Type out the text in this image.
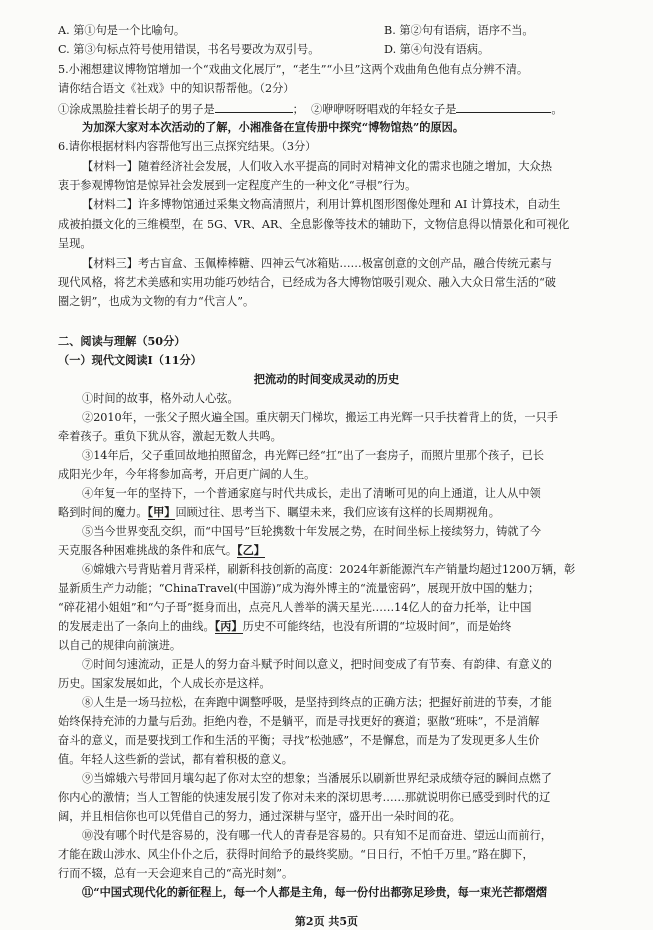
A. 第①句是一个比喻句。	B. 第②句有语病，语序不当。
C. 第③句标点符号使用错误，书名号要改为双引号。	D. 第④句没有语病。
5.小湘想建议博物馆增加一个“戏曲文化展厅”，“老生”“小旦”这两个戏曲角色他有点分辨不清。
请你结合语文《社戏》中的知识帮帮他。（2分）
①涂成黑脸挂着长胡子的男子是	； ②咿咿呀呀唱戏的年轻女子是	。
为加深大家对本次活动的了解，小湘准备在宣传册中探究“博物馆热”的原因。
6.请你根据材料内容帮他写出三点探究结果。（3分）
【材料一】随着经济社会发展，人们收入水平提高的同时对精神文化的需求也随之增加，大众热
衷于参观博物馆是惊异社会发展到一定程度产生的一种文化“寻根”行为。
【材料二】许多博物馆通过采集文物高清照片，利用计算机图形图像处理和 AI 计算技术，自动生
成被拍摄文化的三维模型，在 5G、VR、AR、全息影像等技术的辅助下，文物信息得以情景化和可视化
呈现。
【材料三】考古盲盒、玉佩棒棒糖、四神云气冰箱贴……极富创意的文创产品，融合传统元素与
现代风格，将艺术美感和实用功能巧妙结合，已经成为各大博物馆吸引观众、融入大众日常生活的“破
圈之钥”，也成为文物的有力“代言人”。
二、阅读与理解（50分）
（一）现代文阅读Ⅰ（11分）
把流动的时间变成灵动的历史
①时间的故事，格外动人心弦。
②2010年，一张父子照火遍全国。重庆朝天门梯坎，搬运工冉光辉一只手扶着背上的货，一只手
牵着孩子。重负下犹从容，激起无数人共鸣。
③14年后，父子重回故地拍照留念，冉光辉已经“扛”出了一套房子，而照片里那个孩子，已长
成阳光少年，今年将参加高考，开启更广阔的人生。
④年复一年的坚持下，一个普通家庭与时代共成长，走出了清晰可见的向上通道，让人从中领
略到时间的魔力。【甲】回顾过往、思考当下、瞩望未来，我们应该有这样的长周期视角。
⑤当今世界变乱交织，而“中国号”巨轮携数十年发展之势，在时间坐标上接续努力，铸就了今
天克服各种困难挑战的条件和底气。【乙】
⑥嫦娥六号背贴着月背采样，刷新科技创新的高度：2024年新能源汽车产销量均超过1200万辆，彰
显新质生产力动能；“ChinaTravel(中国游)”成为海外博主的“流量密码”，展现开放中国的魅力；
“碎花裙小姐姐”和“勺子哥”挺身而出，点亮凡人善举的满天星光……14亿人的奋力托举，让中国
的发展走出了一条向上的曲线。【丙】历史不可能终结，也没有所谓的“垃圾时间”，而是始终
以自己的规律向前演进。
⑦时间匀速流动，正是人的努力奋斗赋予时间以意义，把时间变成了有节奏、有韵律、有意义的
历史。国家发展如此，个人成长亦是这样。
⑧人生是一场马拉松，在奔跑中调整呼吸，是坚持到终点的正确方法；把握好前进的节奏，才能
始终保持充沛的力量与后劲。拒绝内卷，不是躺平，而是寻找更好的赛道；驱散“班味”，不是消解
奋斗的意义，而是要找到工作和生活的平衡；寻找”松弛感”，不是懈怠，而是为了发现更多人生价
值。年轻人这些新的尝试，都有着积极的意义。
⑨当嫦娥六号带回月壤勾起了你对太空的想象；当潘展乐以刷新世界纪录成绩夺冠的瞬间点燃了
你内心的激情；当人工智能的快速发展引发了你对未来的深切思考……那就说明你已感受到时代的辽
阔，并且相信你也可以凭借自己的努力，通过深耕与坚守，盛开出一朵时间的花。
⑩没有哪个时代是容易的，没有哪一代人的青春是容易的。只有知不足而奋进、望远山而前行，
才能在跋山涉水、风尘仆仆之后，获得时间给予的最终奖励。“日日行，不怕千万里。”路在脚下，
行而不辍，总有一天会迎来自己的“高光时刻”。
⑪“中国式现代化的新征程上，每一个人都是主角，每一份付出都弥足珍贵，每一束光芒都熠熠
第2页 共5页
